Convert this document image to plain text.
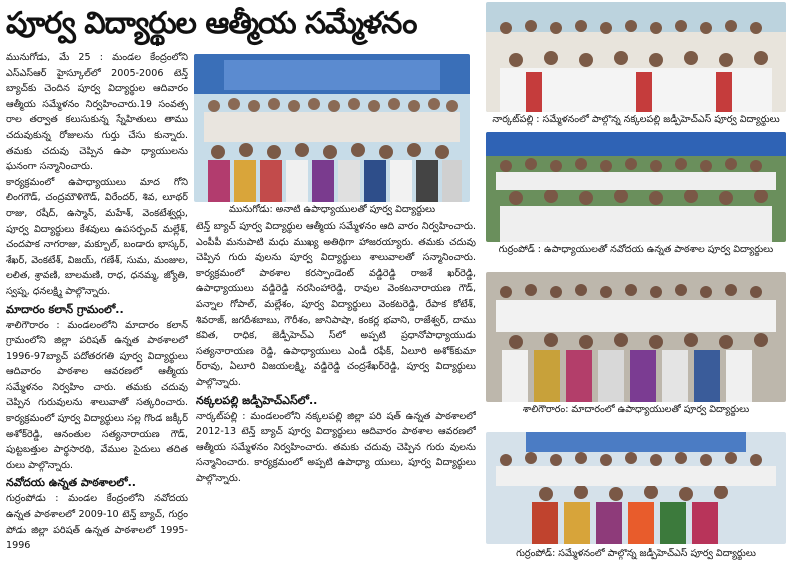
పూర్వ విద్యార్థుల ఆత్మీయ సమ్మేళనం

మునుగోడు, మే 25 : మండల కేంద్రంలోని ఎస్‌ఎస్‌ఆర్ హైస్కూల్‌లో 2005-2006 టెన్త్ బ్యాచ్‌కు చెందిన పూర్వ విద్యార్థుల ఆదివారం ఆత్మీయ సమ్మేళనం నిర్వహించారు.19 సంవత్స రాల తర్వాత కలుసుకున్న స్నేహితులు తాము చదువుకున్న రోజులను గుర్తు చేసు కున్నారు. తమకు చదువు చెప్పిన ఉపా ధ్యాయులను ఘనంగా సన్మానించారు.

కార్యక్రమంలో ఉపాధ్యాయులు మాద గోని లింగగౌడ్, చంద్రమౌళిగౌడ్, విరేందర్, శివ, లూథర్ రాజు, రషీద్, ఉస్మాన్, మహేశ్, వెంకటేశ్వర్లు, పూర్వ విద్యార్థులు కేశవులు ఉపసర్పంచ్ మల్లేశ్, చందపాక నాగరాజు, మక్బూల్, బండారు భాస్కర్, శేఖర్, వెంకటేశ్, విజయ్, గణేశ్, సుమ, మంజుల, లలిత, శ్రావణి, బాలమణి, రాధ, ధనమ్మ, జ్యోతి, స్వప్న, ధనలక్ష్మి పాల్గొన్నారు.

మాదారం కలాన్ గ్రామంలో..

శాలిగౌరారం : మండలంలోని మాదారం కలాన్ గ్రామంలోని జిల్లా పరిషత్ ఉన్నత పాఠశాలలో 1996-97బ్యాచ్ పదోతరగతి పూర్వ విద్యార్థులు ఆదివారం పాఠశాల ఆవరణలో ఆత్మీయ సమ్మేళనం నిర్వహిం చారు. తమకు చదువు చెప్పిన గురువులను శాలువాతో సత్కరించారు. కార్యక్రమంలో పూర్వ విద్యార్థులు సల్ల గొండ జక్కీర్ అశోక్‌రెడ్డి, ఆనంతుల సత్యనారాయణ గౌడ్, పుట్టబత్తుల పార్థసారథి, వేముల సైదులు తదిత రులు పాల్గొన్నారు.

నవోదయ ఉన్నత పాఠశాలలో..

గుర్రంపోడు : మండల కేంద్రంలోని నవోదయ ఉన్నత పాఠశాలలో 2009-10 టెన్త్ బ్యాచ్, గుర్రం పోడు జిల్లా పరిషత్ ఉన్నత పాఠశాలలో 1995-1996

మునుగోడు: అనాటి ఉపాధ్యాయులతో పూర్వ విద్యార్థులు

టెన్త్ బ్యాచ్ పూర్వ విద్యార్థుల ఆత్మీయ సమ్మేళనం ఆది వారం నిర్వహించారు. ఎంపీపీ మనుపాటి మధు ముఖ్య అతిథిగా హాజరయ్యారు. తమకు చదువు చెప్పిన గురు వులను పూర్వ విద్యార్థులు శాలువాలతో సన్మానించారు. కార్యక్రమంలో పాఠశాల కరస్పాండెంట్ వడ్డిరెడ్డి రాజశే ఖర్‌రెడ్డి, ఉపాధ్యాయులు వడ్డిరెడ్డి నరసింహారెడ్డి, రావుల వెంకటనారాయణ గౌడ్, పన్నాల గోపాల్, మల్లేశం, పూర్వ విద్యార్థులు వెంకటరెడ్డి, రేపాక కోటేశ్, శివరాజ్, జగదీశబాబు, గౌరీశం, జానిపాషా, కంకర్ల భవాని, రాజేశ్వర్, దాము కవిత, రాధిక, జెడ్పీహెచ్ఎ స్‌లో అప్పటి ప్రధానోపాధ్యాయుడు సత్యనారాయణ రెడ్డి, ఉపాధ్యాయులు ఎండీ రఫీక్, ఏలూరి అశోక్‌కుమా ర్‌రావు, ఏలూరి విజయలక్ష్మి, వడ్డిరెడ్డి చంద్రశేఖర్‌రెడ్డి, పూర్వ విద్యార్థులు పాల్గొన్నారు.

నక్కలపల్లి జడ్పీహెచ్‌ఎస్‌లో..

నార్కట్‌పల్లి : మండలంలోని నక్కలపల్లి జిల్లా పరి షత్ ఉన్నత పాఠశాలలో 2012-13 టెన్త్ బ్యాచ్ పూర్వ విద్యార్థులు ఆదివారం పాఠశాల ఆవరణలో ఆత్మీయ సమ్మేళనం నిర్వహించారు. తమకు చదువు చెప్పిన గురు వులను సన్మానించారు. కార్యక్రమంలో అప్పటి ఉపాధ్యా యులు, పూర్వ విద్యార్థులు పాల్గొన్నారు.

నార్కట్‌పల్లి : సమ్మేళనంలో పాల్గొన్న నక్కలపల్లి జడ్పీహెచ్‌ఎస్ పూర్వ విద్యార్థులు
గుర్రంపోడ్ : ఉపాధ్యాయులతో నవోదయ ఉన్నత పాఠశాల పూర్వ విద్యార్థులు
శాలిగౌరారం: మాదారంలో ఉపాధ్యాయులతో పూర్వ విద్యార్థులు
గుర్రంపోడ్: సమ్మేళనంలో పాల్గొన్న జడ్పీహెచ్‌ఎస్ పూర్వ విద్యార్థులు
